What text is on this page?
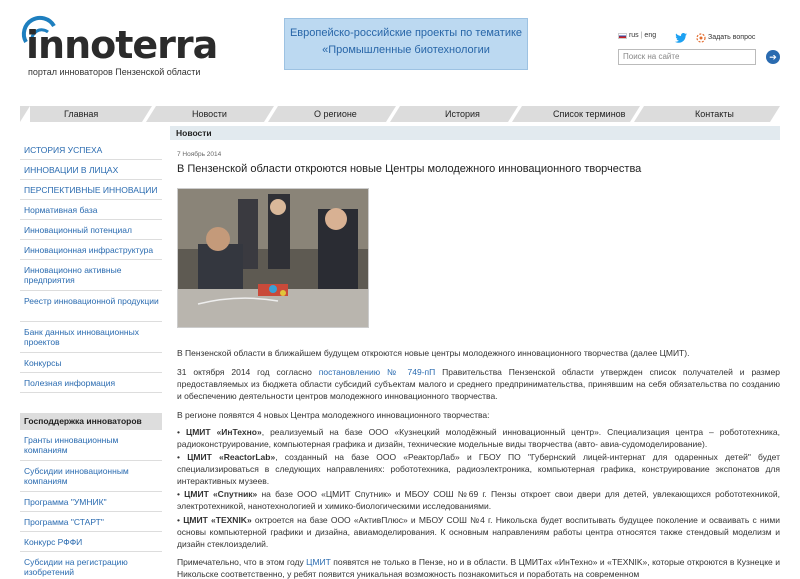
innoterra
портал инноваторов Пензенской области
Европейско-российские проекты по тематике
«Промышленные биотехнологии
rus | eng	Задать вопрос
Поиск на сайте	➔
Главная	Новости	О регионе	История	Список терминов	Контакты
ИСТОРИЯ УСПЕХА
ИННОВАЦИИ В ЛИЦАХ
ПЕРСПЕКТИВНЫЕ ИННОВАЦИИ
Нормативная база
Инновационный потенциал
Инновационная инфраструктура
Инновационно активные предприятия
Реестр инновационной продукции
Банк данных инновационных проектов
Конкурсы
Полезная информация
Господдержка инноваторов
Гранты инновационным компаниям
Субсидии инновационным компаниям
Программа "УМНИК"
Программа "СТАРТ"
Конкурс РФФИ
Субсидии на регистрацию изобретений
Новости
7 Ноябрь 2014
В Пензенской области откроются новые Центры молодежного инновационного творчества
В Пензенской области в ближайшем будущем откроются новые центры молодежного инновационного творчества (далее ЦМИТ).
31 октября 2014 год согласно постановлению № 749-пП Правительства Пензенской области утвержден список получателей и размер предоставляемых из бюджета области субсидий субъектам малого и среднего предпринимательства, принявшим на себя обязательства по созданию и обеспечению деятельности центров молодежного инновационного творчества.
В регионе появятся 4 новых Центра молодежного инновационного творчества:
• ЦМИТ «ИнТехно», реализуемый на базе ООО «Кузнецкий молодёжный инновационный центр». Специализация центра – робототехника, радиоконструирование, компьютерная графика и дизайн, технические модельные виды творчества (авто- авиа-судомоделирование).
• ЦМИТ «ReactorLab», созданный на базе ООО «РеакторЛаб» и ГБОУ ПО "Губернский лицей-интернат для одаренных детей" будет специализироваться в следующих направлениях: робототехника, радиоэлектроника, компьютерная графика, конструирование экспонатов для интерактивных музеев.
• ЦМИТ «Спутник» на базе ООО «ЦМИТ Спутник» и МБОУ СОШ №69 г. Пензы откроет свои двери для детей, увлекающихся робототехникой, электротехникой, нанотехнологией и химико-биологическими исследованиями.
• ЦМИТ «TEXNIK» октроется на базе ООО «АктивПлюс» и МБОУ СОШ №4 г. Никольска будет воспитывать будущее поколение и осваивать с ними основы компьютерной графики и дизайна, авиамоделирования. К основным направлениям работы центра относятся также стендовый моделизм и дизайн стеклоизделий.
Примечательно, что в этом году ЦМИТ появятся не только в Пензе, но и в области. В ЦМИТах «ИнТехно» и «TEXNIK», которые откроются в Кузнецке и Никольске соответственно, у ребят появится уникальная возможность познакомиться и поработать на современном
